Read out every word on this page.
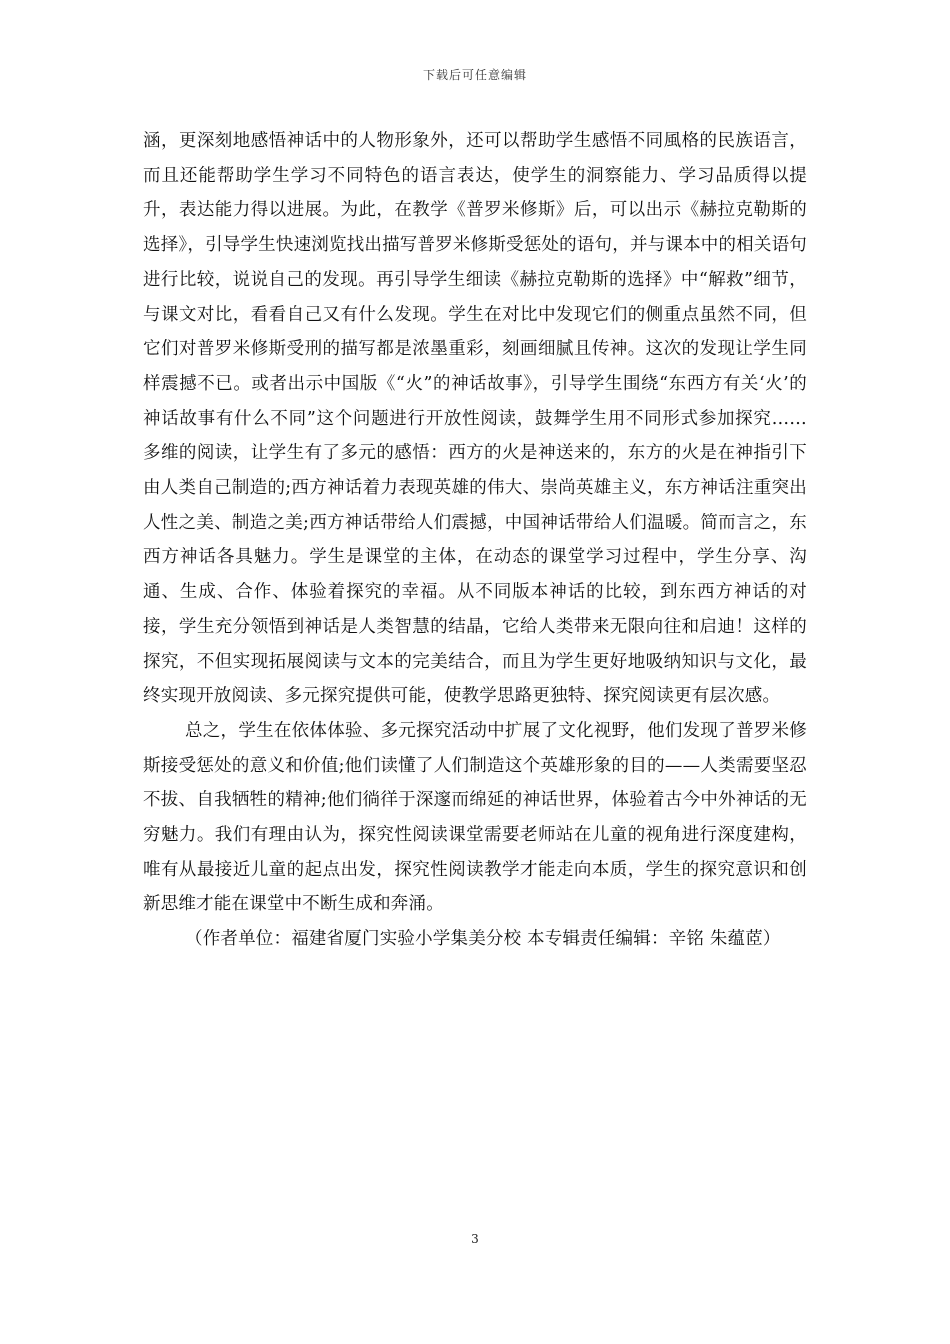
下载后可任意编辑

涵，更深刻地感悟神话中的人物形象外，还可以帮助学生感悟不同風格的民族语言，而且还能帮助学生学习不同特色的语言表达，使学生的洞察能力、学习品质得以提升，表达能力得以进展。为此，在教学《普罗米修斯》后，可以出示《赫拉克勒斯的选择》，引导学生快速浏览找出描写普罗米修斯受惩处的语句，并与课本中的相关语句进行比较，说说自己的发现。再引导学生细读《赫拉克勒斯的选择》中“解救”细节，与课文对比，看看自己又有什么发现。学生在对比中发现它们的侧重点虽然不同，但它们对普罗米修斯受刑的描写都是浓墨重彩，刻画细腻且传神。这次的发现让学生同样震撼不已。或者出示中国版《“火”的神话故事》，引导学生围绕“东西方有关‘火’的神话故事有什么不同”这个问题进行开放性阅读，鼓舞学生用不同形式参加探究……多维的阅读，让学生有了多元的感悟：西方的火是神送来的，东方的火是在神指引下由人类自己制造的;西方神话着力表现英雄的伟大、崇尚英雄主义，东方神话注重突出人性之美、制造之美;西方神话带给人们震撼，中国神话带给人们温暖。简而言之，东西方神话各具魅力。学生是课堂的主体，在动态的课堂学习过程中，学生分享、沟通、生成、合作、体验着探究的幸福。从不同版本神话的比较，到东西方神话的对接，学生充分领悟到神话是人类智慧的结晶，它给人类带来无限向往和启迪！这样的探究，不但实现拓展阅读与文本的完美结合，而且为学生更好地吸纳知识与文化，最终实现开放阅读、多元探究提供可能，使教学思路更独特、探究阅读更有层次感。

总之，学生在依体体验、多元探究活动中扩展了文化视野，他们发现了普罗米修斯接受惩处的意义和价值;他们读懂了人们制造这个英雄形象的目的——人类需要坚忍不拔、自我牺牲的精神;他们徜徉于深邃而绵延的神话世界，体验着古今中外神话的无穷魅力。我们有理由认为，探究性阅读课堂需要老师站在儿童的视角进行深度建构，唯有从最接近儿童的起点出发，探究性阅读教学才能走向本质，学生的探究意识和创新思维才能在课堂中不断生成和奔涌。

（作者单位：福建省厦门实验小学集美分校 本专辑责任编辑：辛铭 朱蕴茝）

3
